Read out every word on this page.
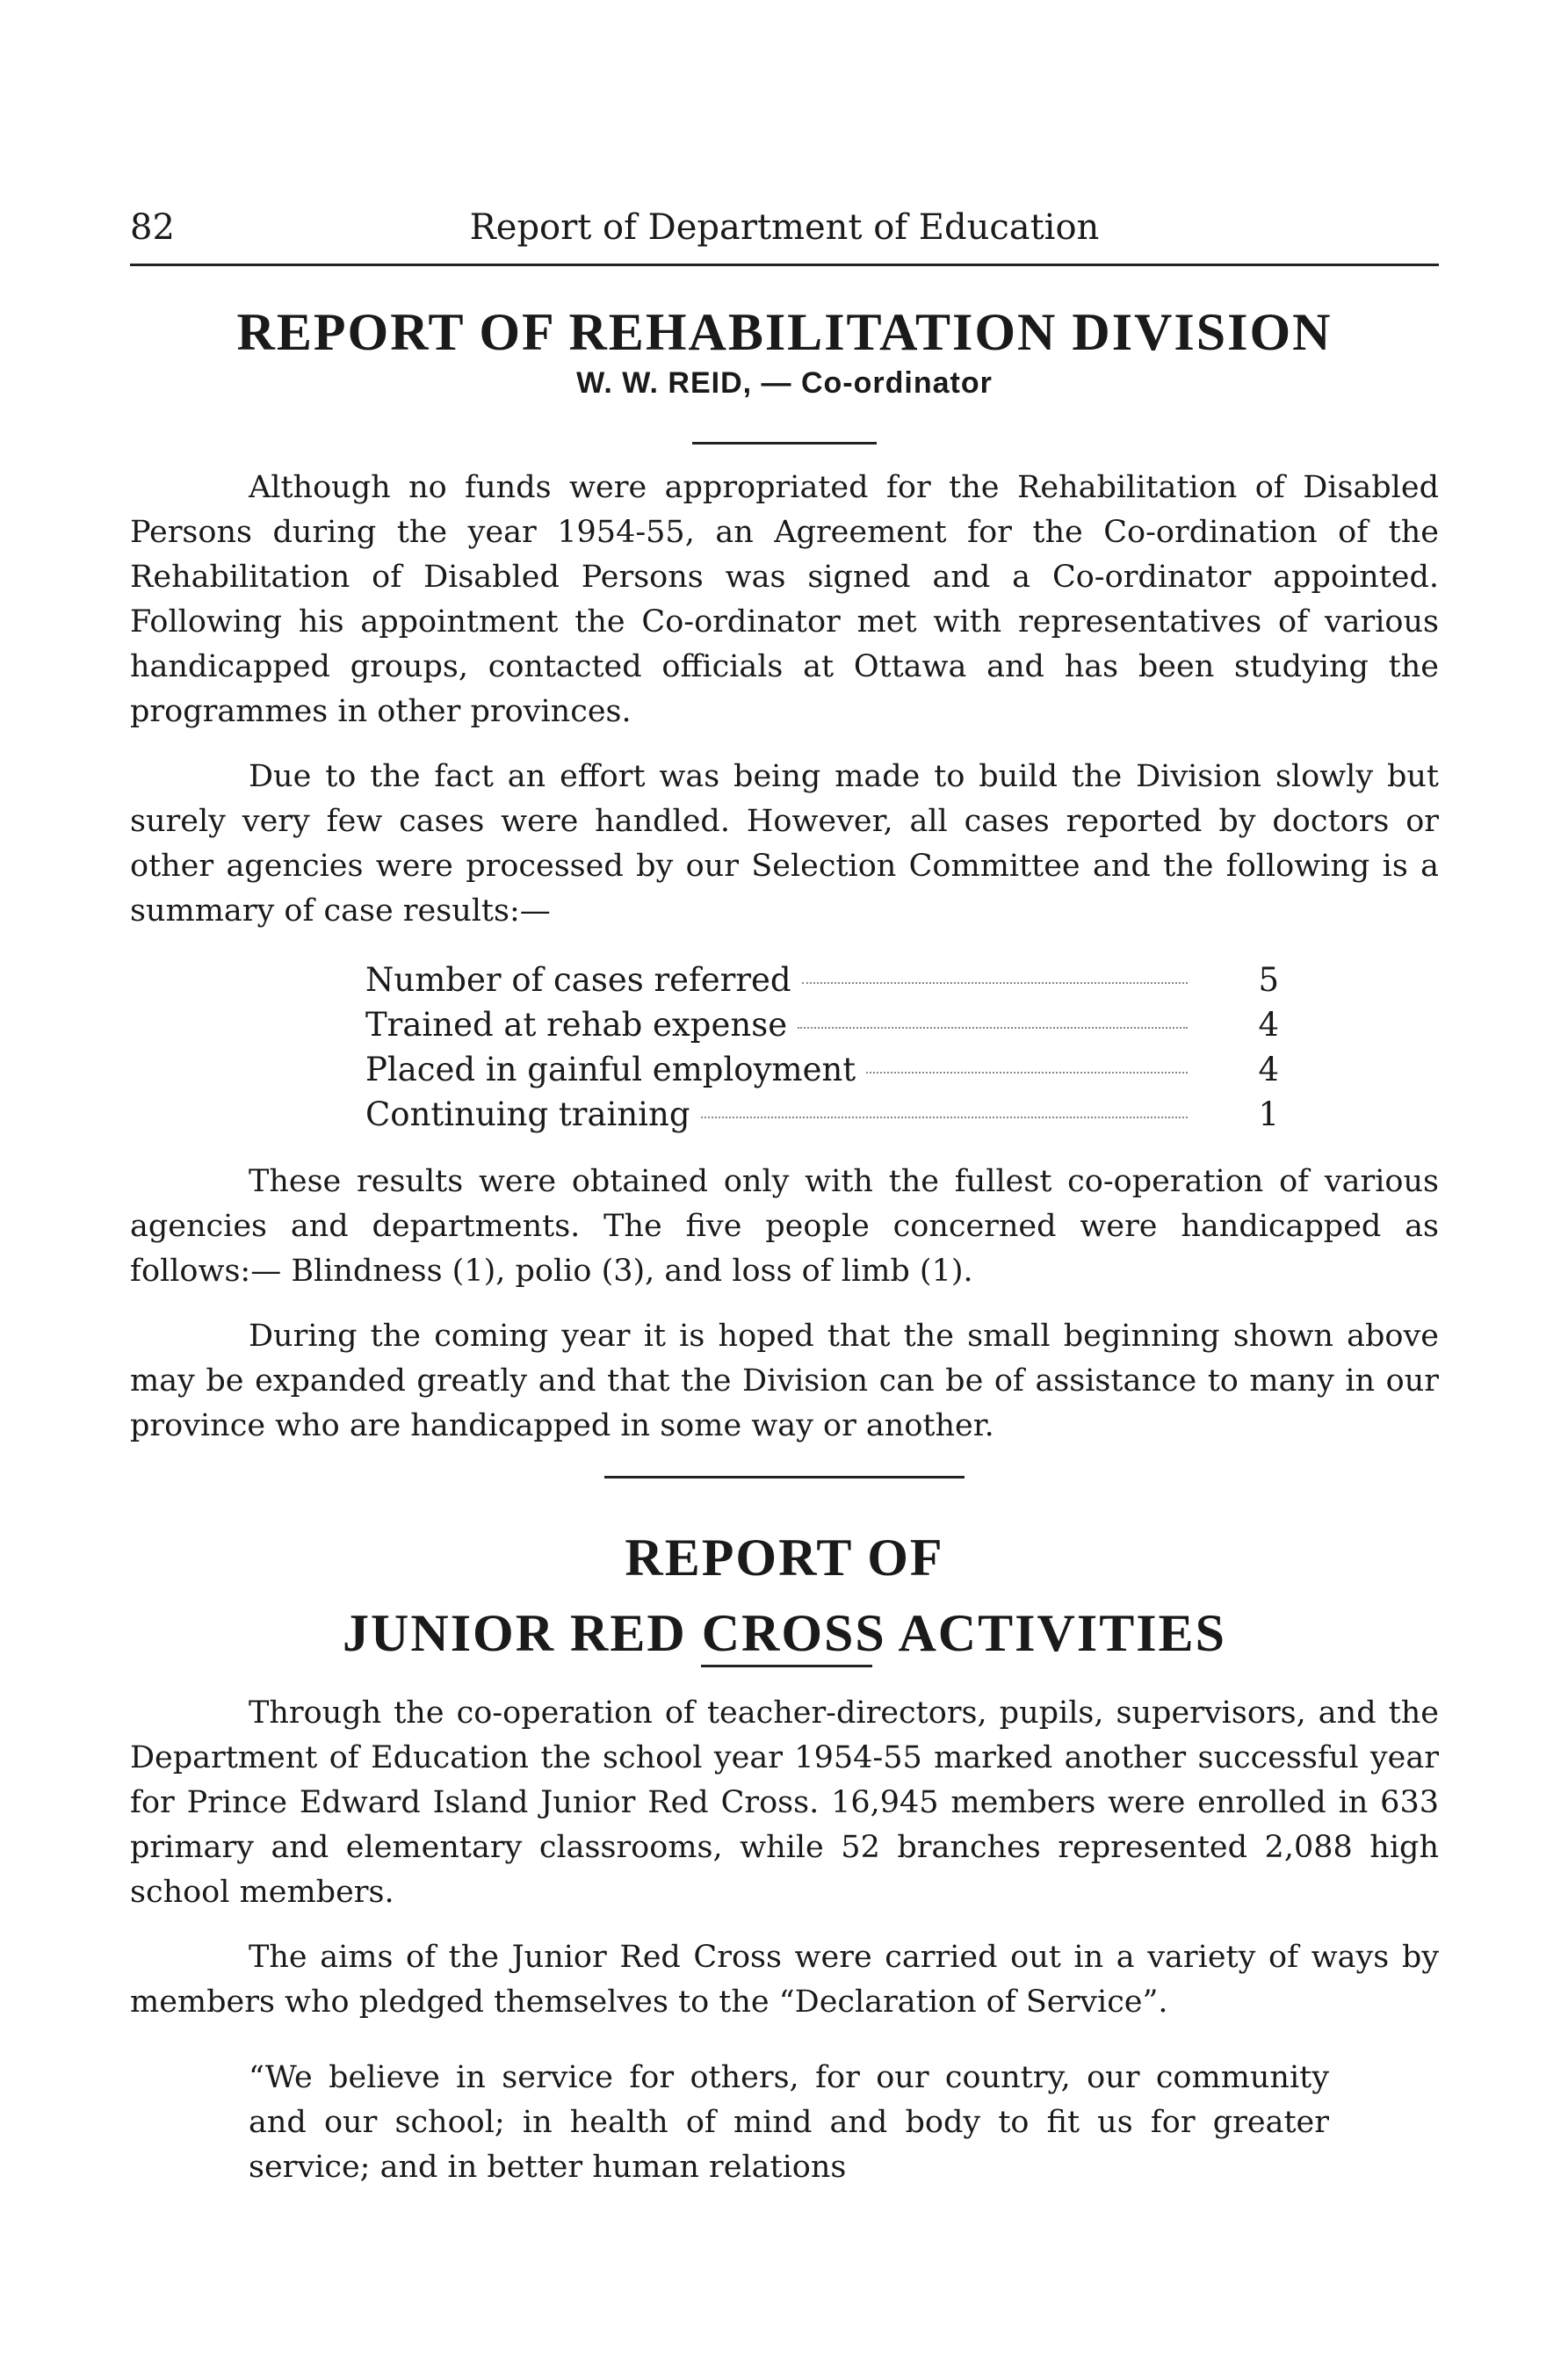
82	Report of Department of Education
REPORT OF REHABILITATION DIVISION

W. W. REID, — Co-ordinator

Although no funds were appropriated for the Rehabilitation of Disabled Persons during the year 1954-55, an Agreement for the Co-ordination of the Rehabilitation of Disabled Persons was signed and a Co-ordinator appointed. Following his appointment the Co-ordinator met with representatives of various handicapped groups, contacted officials at Ottawa and has been studying the programmes in other provinces.

Due to the fact an effort was being made to build the Division slowly but surely very few cases were handled. However, all cases reported by doctors or other agencies were processed by our Selection Committee and the following is a summary of case results:—

Number of cases referred	5
Trained at rehab expense	4
Placed in gainful employment	4
Continuing training	1

These results were obtained only with the fullest co-operation of various agencies and departments. The five people concerned were handicapped as follows:— Blindness (1), polio (3), and loss of limb (1).

During the coming year it is hoped that the small beginning shown above may be expanded greatly and that the Division can be of assistance to many in our province who are handicapped in some way or another.

REPORT OF
JUNIOR RED CROSS ACTIVITIES

Through the co-operation of teacher-directors, pupils, supervisors, and the Department of Education the school year 1954-55 marked another successful year for Prince Edward Island Junior Red Cross. 16,945 members were enrolled in 633 primary and elementary classrooms, while 52 branches represented 2,088 high school members.

The aims of the Junior Red Cross were carried out in a variety of ways by members who pledged themselves to the “Declaration of Service”.

“We believe in service for others, for our country, our community and our school; in health of mind and body to fit us for greater service; and in better human relations
